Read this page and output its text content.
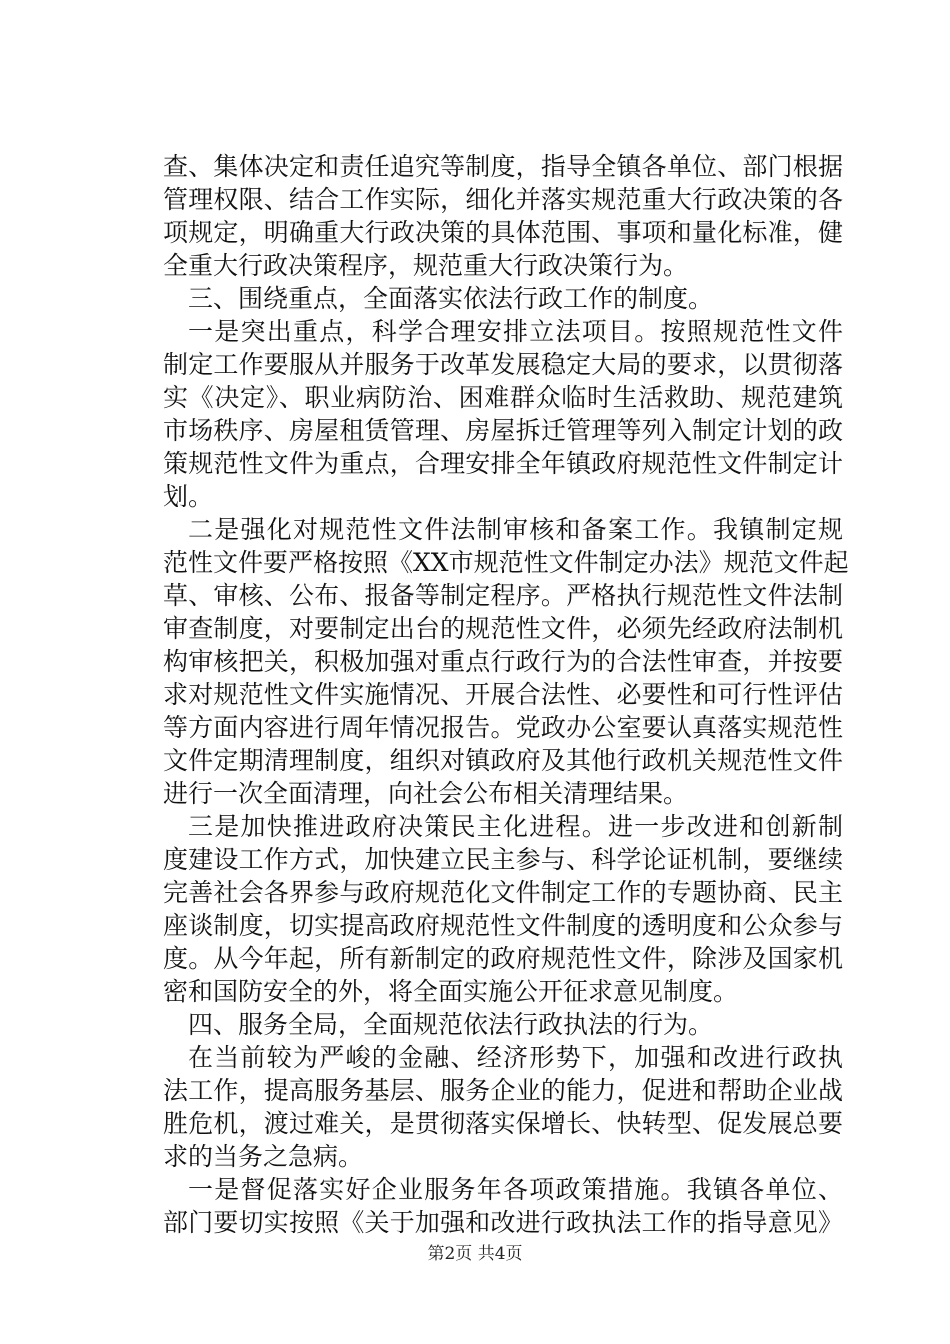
查、集体决定和责任追究等制度，指导全镇各单位、部门根据
管理权限、结合工作实际，细化并落实规范重大行政决策的各
项规定，明确重大行政决策的具体范围、事项和量化标准，健
全重大行政决策程序，规范重大行政决策行为。
三、围绕重点，全面落实依法行政工作的制度。
一是突出重点，科学合理安排立法项目。按照规范性文件
制定工作要服从并服务于改革发展稳定大局的要求，以贯彻落
实《决定》、职业病防治、困难群众临时生活救助、规范建筑
市场秩序、房屋租赁管理、房屋拆迁管理等列入制定计划的政
策规范性文件为重点，合理安排全年镇政府规范性文件制定计
划。
二是强化对规范性文件法制审核和备案工作。我镇制定规
范性文件要严格按照《XX市规范性文件制定办法》规范文件起
草、审核、公布、报备等制定程序。严格执行规范性文件法制
审查制度，对要制定出台的规范性文件，必须先经政府法制机
构审核把关，积极加强对重点行政行为的合法性审查，并按要
求对规范性文件实施情况、开展合法性、必要性和可行性评估
等方面内容进行周年情况报告。党政办公室要认真落实规范性
文件定期清理制度，组织对镇政府及其他行政机关规范性文件
进行一次全面清理，向社会公布相关清理结果。
三是加快推进政府决策民主化进程。进一步改进和创新制
度建设工作方式，加快建立民主参与、科学论证机制，要继续
完善社会各界参与政府规范化文件制定工作的专题协商、民主
座谈制度，切实提高政府规范性文件制度的透明度和公众参与
度。从今年起，所有新制定的政府规范性文件，除涉及国家机
密和国防安全的外，将全面实施公开征求意见制度。
四、服务全局，全面规范依法行政执法的行为。
在当前较为严峻的金融、经济形势下，加强和改进行政执
法工作，提高服务基层、服务企业的能力，促进和帮助企业战
胜危机，渡过难关，是贯彻落实保增长、快转型、促发展总要
求的当务之急病。
一是督促落实好企业服务年各项政策措施。我镇各单位、
部门要切实按照《关于加强和改进行政执法工作的指导意见》
第2页 共4页
